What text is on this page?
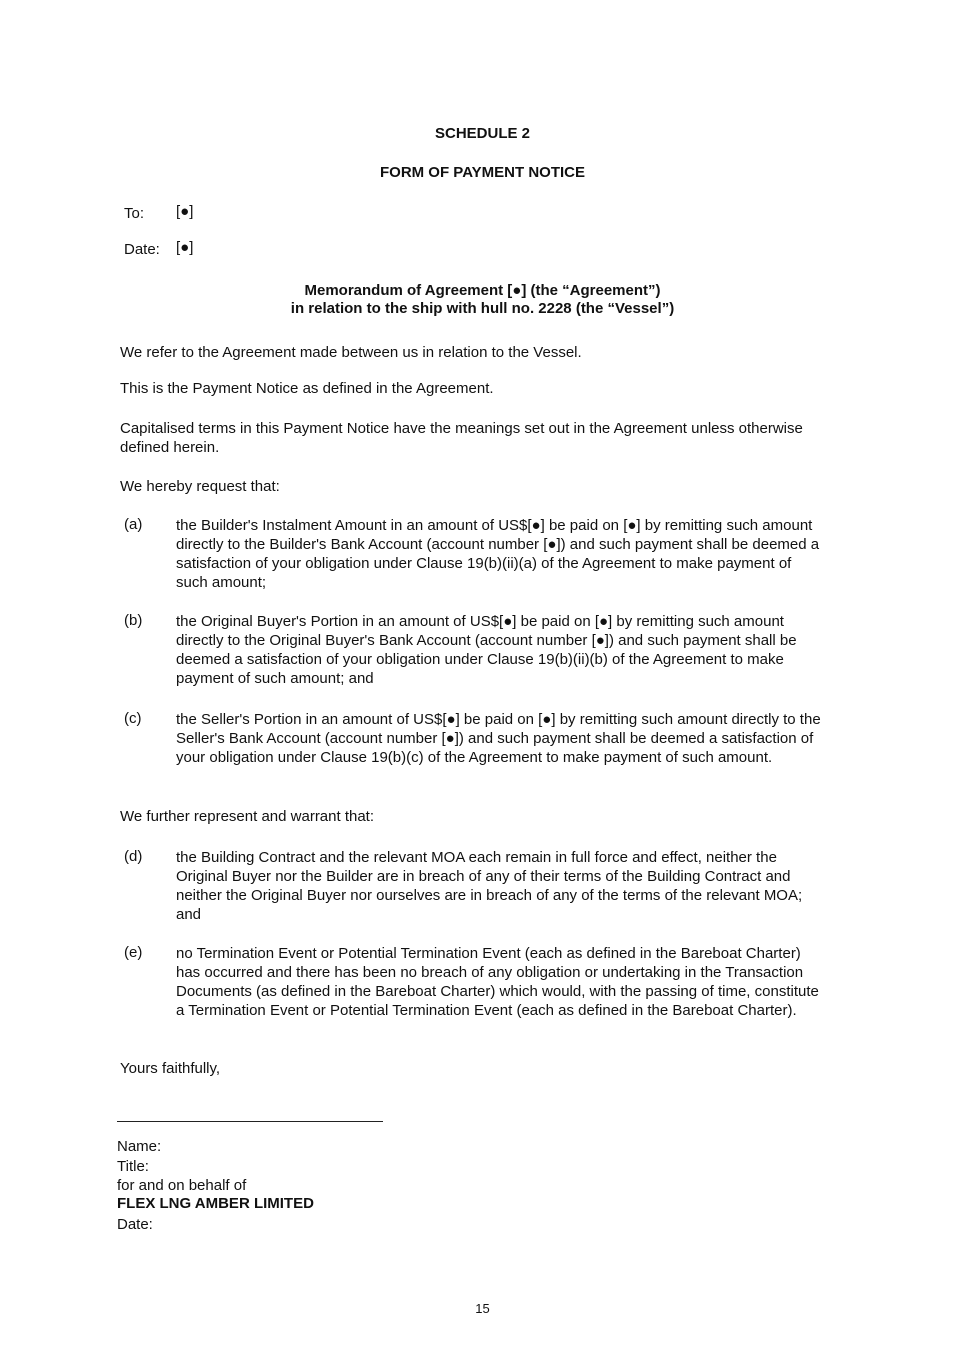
SCHEDULE 2
FORM OF PAYMENT NOTICE
To: [●]
Date: [●]
Memorandum of Agreement [●] (the “Agreement”)
in relation to the ship with hull no. 2228 (the “Vessel”)
We refer to the Agreement made between us in relation to the Vessel.
This is the Payment Notice as defined in the Agreement.
Capitalised terms in this Payment Notice have the meanings set out in the Agreement unless otherwise defined herein.
We hereby request that:
(a) the Builder's Instalment Amount in an amount of US$[●] be paid on [●] by remitting such amount directly to the Builder's Bank Account (account number [●]) and such payment shall be deemed a satisfaction of your obligation under Clause 19(b)(ii)(a) of the Agreement to make payment of such amount;
(b) the Original Buyer's Portion in an amount of US$[●] be paid on [●] by remitting such amount directly to the Original Buyer's Bank Account (account number [●]) and such payment shall be deemed a satisfaction of your obligation under Clause 19(b)(ii)(b) of the Agreement to make payment of such amount; and
(c) the Seller's Portion in an amount of US$[●] be paid on [●] by remitting such amount directly to the Seller's Bank Account (account number [●]) and such payment shall be deemed a satisfaction of your obligation under Clause 19(b)(c) of the Agreement to make payment of such amount.
We further represent and warrant that:
(d) the Building Contract and the relevant MOA each remain in full force and effect, neither the Original Buyer nor the Builder are in breach of any of their terms of the Building Contract and neither the Original Buyer nor ourselves are in breach of any of the terms of the relevant MOA; and
(e) no Termination Event or Potential Termination Event (each as defined in the Bareboat Charter) has occurred and there has been no breach of any obligation or undertaking in the Transaction Documents (as defined in the Bareboat Charter) which would, with the passing of time, constitute a Termination Event or Potential Termination Event (each as defined in the Bareboat Charter).
Yours faithfully,
Name:
Title:
for and on behalf of
FLEX LNG AMBER LIMITED
Date:
15
